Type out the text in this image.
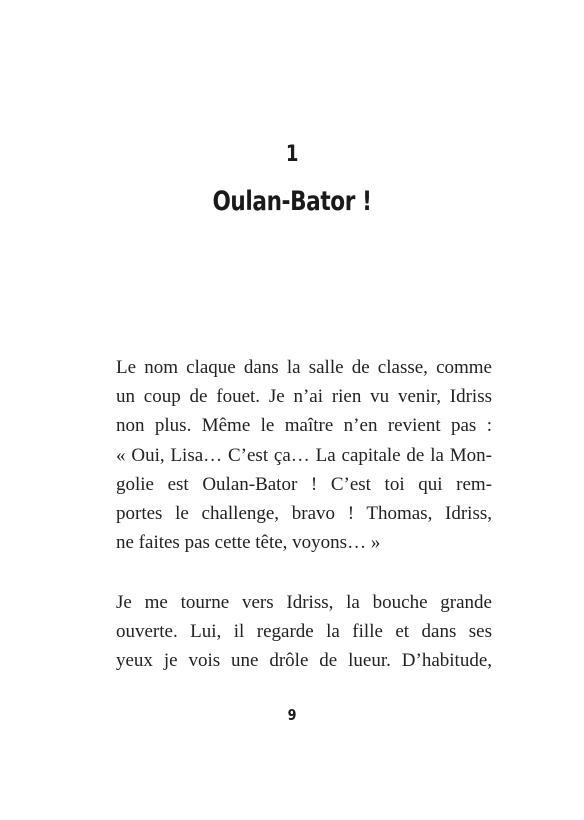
1
Oulan-Bator !
Le nom claque dans la salle de classe, comme
un coup de fouet. Je n’ai rien vu venir, Idriss
non plus. Même le maître n’en revient pas :
« Oui, Lisa… C’est ça… La capitale de la Mon-
golie est Oulan-Bator ! C’est toi qui rem-
portes le challenge, bravo ! Thomas, Idriss,
ne faites pas cette tête, voyons… »
Je me tourne vers Idriss, la bouche grande
ouverte. Lui, il regarde la fille et dans ses
yeux je vois une drôle de lueur. D’habitude,
9
